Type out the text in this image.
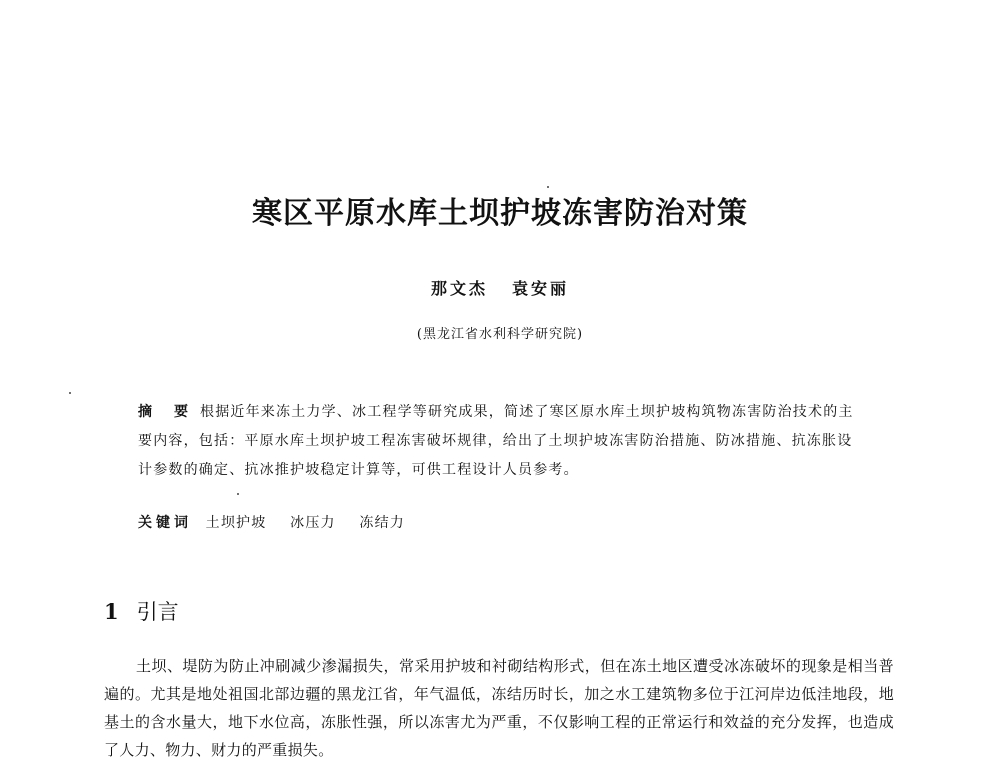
寒区平原水库土坝护坡冻害防治对策
那文杰 袁安丽
(黑龙江省水利科学研究院)

摘　要 根据近年来冻土力学、冰工程学等研究成果，简述了寒区原水库土坝护坡构筑物冻害防治技术的主要内容，包括：平原水库土坝护坡工程冻害破坏规律，给出了土坝护坡冻害防治措施、防冰措施、抗冻胀设计参数的确定、抗冰推护坡稳定计算等，可供工程设计人员参考。

关键词 土坝护坡 冰压力 冻结力
1 引言

土坝、堤防为防止冲刷减少渗漏损失，常采用护坡和衬砌结构形式，但在冻土地区遭受冰冻破坏的现象是相当普遍的。尤其是地处祖国北部边疆的黑龙江省，年气温低，冻结历时长，加之水工建筑物多位于江河岸边低洼地段，地基土的含水量大，地下水位高，冻胀性强，所以冻害尤为严重，不仅影响工程的正常运行和效益的充分发挥，也造成了人力、物力、财力的严重损失。
